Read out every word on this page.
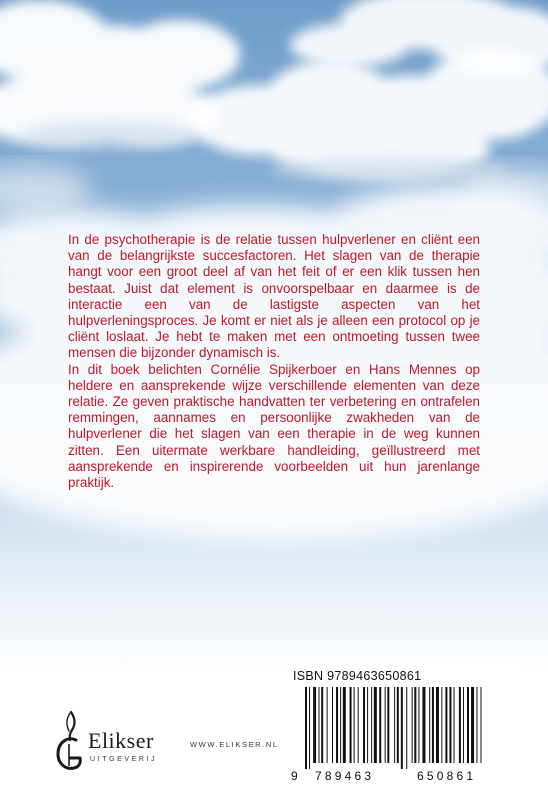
In de psychotherapie is de relatie tussen hulpverlener en cliënt een van de belangrijkste succesfactoren. Het slagen van de therapie hangt voor een groot deel af van het feit of er een klik tussen hen bestaat. Juist dat element is onvoorspelbaar en daarmee is de interactie een van de lastigste aspecten van het hulpverleningsproces. Je komt er niet als je alleen een protocol op je cliënt loslaat. Je hebt te maken met een ontmoeting tussen twee mensen die bijzonder dynamisch is.

In dit boek belichten Cornélie Spijkerboer en Hans Mennes op heldere en aansprekende wijze verschillende elementen van deze relatie. Ze geven praktische handvatten ter verbetering en ontrafelen remmingen, aannames en persoonlijke zwakheden van de hulpverlener die het slagen van een therapie in de weg kunnen zitten. Een uitermate werkbare handleiding, geïllustreerd met aansprekende en inspirerende voorbeelden uit hun jarenlange praktijk.

Elikser
UITGEVERIJ
WWW.ELIKSER.NL
ISBN 9789463650861
9 789463	650861
